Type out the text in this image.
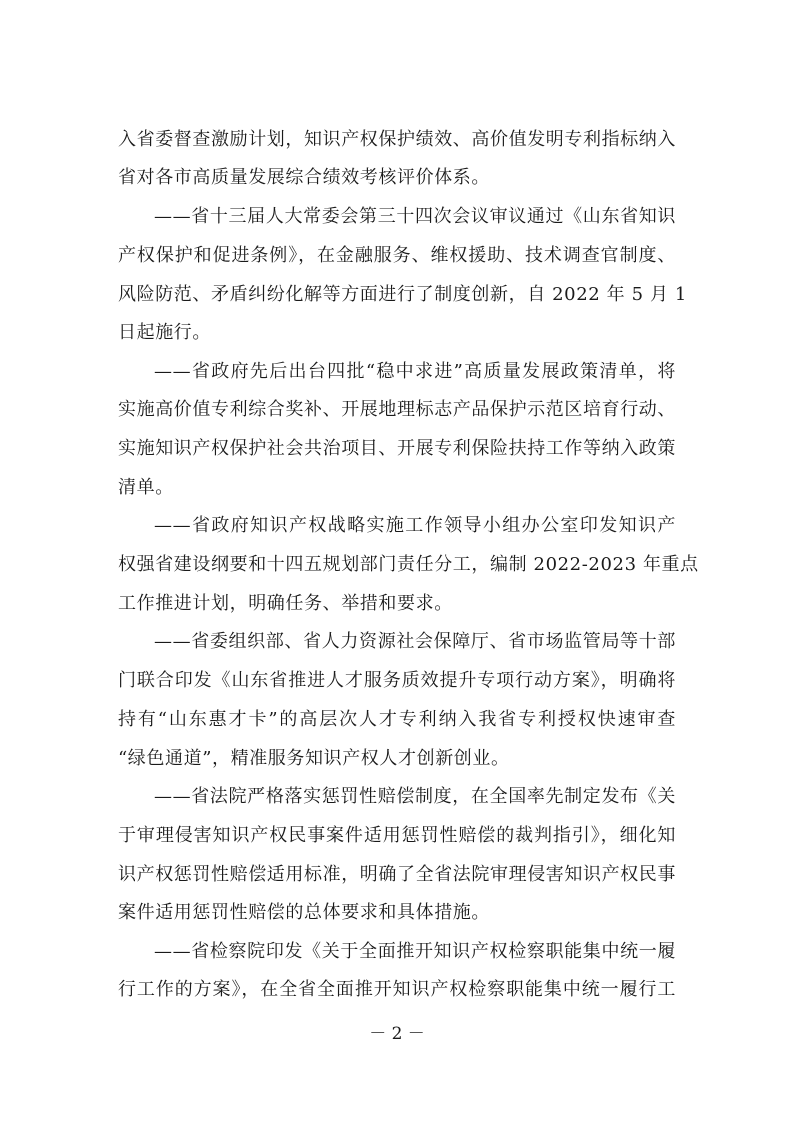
入省委督查激励计划，知识产权保护绩效、高价值发明专利指标纳入
省对各市高质量发展综合绩效考核评价体系。
——省十三届人大常委会第三十四次会议审议通过《山东省知识
产权保护和促进条例》，在金融服务、维权援助、技术调查官制度、
风险防范、矛盾纠纷化解等方面进行了制度创新，自 2022 年 5 月 1
日起施行。
——省政府先后出台四批“稳中求进”高质量发展政策清单，将
实施高价值专利综合奖补、开展地理标志产品保护示范区培育行动、
实施知识产权保护社会共治项目、开展专利保险扶持工作等纳入政策
清单。
——省政府知识产权战略实施工作领导小组办公室印发知识产
权强省建设纲要和十四五规划部门责任分工，编制 2022-2023 年重点
工作推进计划，明确任务、举措和要求。
——省委组织部、省人力资源社会保障厅、省市场监管局等十部
门联合印发《山东省推进人才服务质效提升专项行动方案》，明确将
持有“山东惠才卡”的高层次人才专利纳入我省专利授权快速审查
“绿色通道”，精准服务知识产权人才创新创业。
——省法院严格落实惩罚性赔偿制度，在全国率先制定发布《关
于审理侵害知识产权民事案件适用惩罚性赔偿的裁判指引》，细化知
识产权惩罚性赔偿适用标准，明确了全省法院审理侵害知识产权民事
案件适用惩罚性赔偿的总体要求和具体措施。
——省检察院印发《关于全面推开知识产权检察职能集中统一履
行工作的方案》，在全省全面推开知识产权检察职能集中统一履行工
－ 2 －
